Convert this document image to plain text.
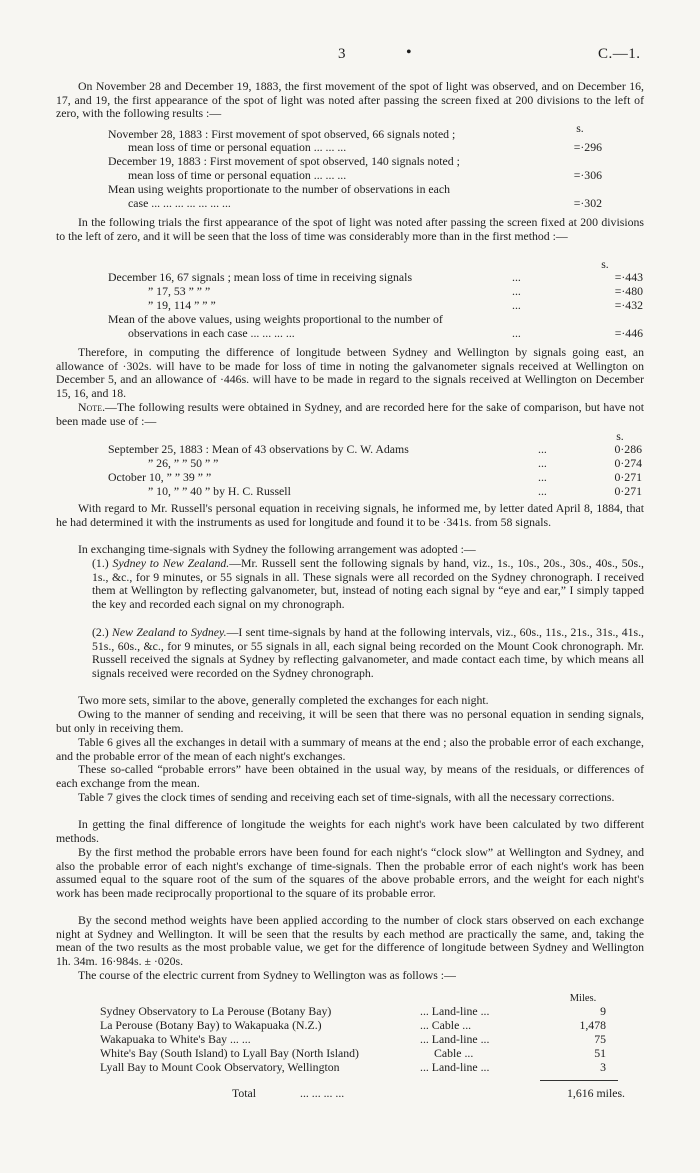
3	•	C.—1.

On November 28 and December 19, 1883, the first movement of the spot of light was observed, and on December 16, 17, and 19, the first appearance of the spot of light was noted after passing the screen fixed at 200 divisions to the left of zero, with the following results :—

s.
November 28, 1883 : First movement of spot observed, 66 signals noted ;
mean loss of time or personal equation ... ... ...	=·296
December 19, 1883 : First movement of spot observed, 140 signals noted ;
mean loss of time or personal equation ... ... ...	=·306
Mean using weights proportionate to the number of observations in each
case ... ... ... ... ... ... ...	=·302

In the following trials the first appearance of the spot of light was noted after passing the screen fixed at 200 divisions to the left of zero, and it will be seen that the loss of time was considerably more than in the first method :—

s.
December 16, 67 signals ; mean loss of time in receiving signals	...	=·443
” 17, 53 ” ” ”	...	=·480
” 19, 114 ” ” ”	...	=·432
Mean of the above values, using weights proportional to the number of
observations in each case ... ... ... ...	...	=·446

Therefore, in computing the difference of longitude between Sydney and Wellington by signals going east, an allowance of ·302s. will have to be made for loss of time in noting the galvanometer signals received at Wellington on December 5, and an allowance of ·446s. will have to be made in regard to the signals received at Wellington on December 15, 16, and 18.

Note.—The following results were obtained in Sydney, and are recorded here for the sake of comparison, but have not been made use of :—

s.
September 25, 1883 : Mean of 43 observations by C. W. Adams	...	0·286
” 26, ” ” 50 ” ”	...	0·274
October 10, ” ” 39 ” ”	...	0·271
” 10, ” ” 40 ” by H. C. Russell	...	0·271

With regard to Mr. Russell's personal equation in receiving signals, he informed me, by letter dated April 8, 1884, that he had determined it with the instruments as used for longitude and found it to be ·341s. from 58 signals.

In exchanging time-signals with Sydney the following arrangement was adopted :—

(1.) Sydney to New Zealand.—Mr. Russell sent the following signals by hand, viz., 1s., 10s., 20s., 30s., 40s., 50s., 1s., &c., for 9 minutes, or 55 signals in all. These signals were all recorded on the Sydney chronograph. I received them at Wellington by reflecting galvanometer, but, instead of noting each signal by “eye and ear,” I simply tapped the key and recorded each signal on my chronograph.

(2.) New Zealand to Sydney.—I sent time-signals by hand at the following intervals, viz., 60s., 11s., 21s., 31s., 41s., 51s., 60s., &c., for 9 minutes, or 55 signals in all, each signal being recorded on the Mount Cook chronograph. Mr. Russell received the signals at Sydney by reflecting galvanometer, and made contact each time, by which means all signals received were recorded on the Sydney chronograph.

Two more sets, similar to the above, generally completed the exchanges for each night.

Owing to the manner of sending and receiving, it will be seen that there was no personal equation in sending signals, but only in receiving them.

Table 6 gives all the exchanges in detail with a summary of means at the end ; also the probable error of each exchange, and the probable error of the mean of each night's exchanges.

These so-called “probable errors” have been obtained in the usual way, by means of the residuals, or differences of each exchange from the mean.

Table 7 gives the clock times of sending and receiving each set of time-signals, with all the necessary corrections.

In getting the final difference of longitude the weights for each night's work have been calculated by two different methods.

By the first method the probable errors have been found for each night's “clock slow” at Wellington and Sydney, and also the probable error of each night's exchange of time-signals. Then the probable error of each night's work has been assumed equal to the square root of the sum of the squares of the above probable errors, and the weight for each night's work has been made reciprocally proportional to the square of its probable error.

By the second method weights have been applied according to the number of clock stars observed on each exchange night at Sydney and Wellington. It will be seen that the results by each method are practically the same, and, taking the mean of the two results as the most probable value, we get for the difference of longitude between Sydney and Wellington 1h. 34m. 16·984s. ± ·020s.

The course of the electric current from Sydney to Wellington was as follows :—

Miles.
Sydney Observatory to La Perouse (Botany Bay)	... Land-line ...	9
La Perouse (Botany Bay) to Wakapuaka (N.Z.)	... Cable ...	1,478
Wakapuaka to White's Bay ... ...	... Land-line ...	75
White's Bay (South Island) to Lyall Bay (North Island)	Cable ...	51
Lyall Bay to Mount Cook Observatory, Wellington	... Land-line ...	3
Total	... ... ... ...	1,616 miles.
